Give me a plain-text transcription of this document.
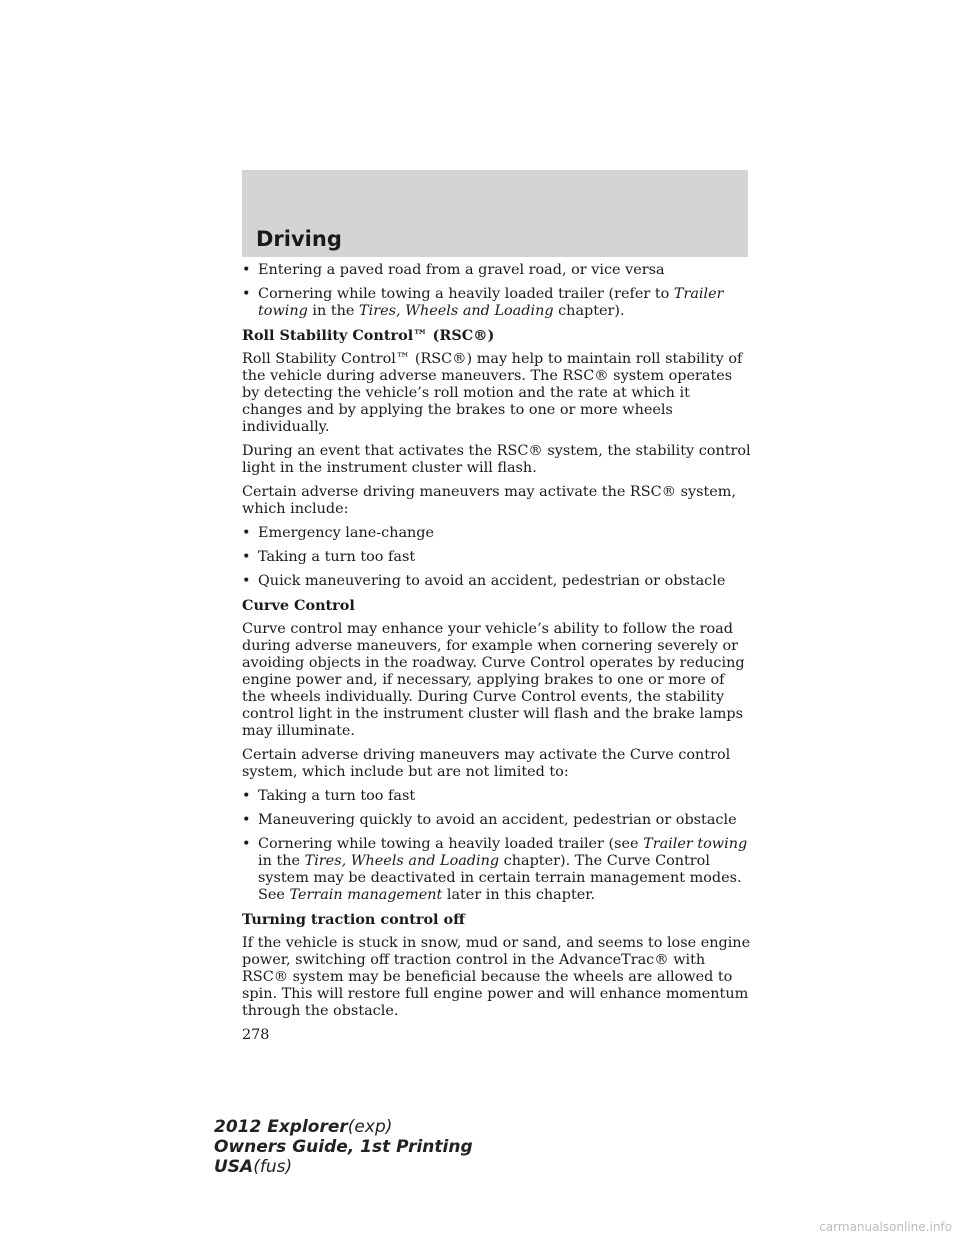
Driving
• Entering a paved road from a gravel road, or vice versa
• Cornering while towing a heavily loaded trailer (refer to Trailer towing in the Tires, Wheels and Loading chapter).
Roll Stability Control™ (RSC®)

Roll Stability Control™ (RSC®) may help to maintain roll stability of the vehicle during adverse maneuvers. The RSC® system operates by detecting the vehicle’s roll motion and the rate at which it changes and by applying the brakes to one or more wheels individually.

During an event that activates the RSC® system, the stability control light in the instrument cluster will flash.

Certain adverse driving maneuvers may activate the RSC® system, which include:

• Emergency lane-change
• Taking a turn too fast
• Quick maneuvering to avoid an accident, pedestrian or obstacle
Curve Control

Curve control may enhance your vehicle’s ability to follow the road during adverse maneuvers, for example when cornering severely or avoiding objects in the roadway. Curve Control operates by reducing engine power and, if necessary, applying brakes to one or more of the wheels individually. During Curve Control events, the stability control light in the instrument cluster will flash and the brake lamps may illuminate.

Certain adverse driving maneuvers may activate the Curve control system, which include but are not limited to:

• Taking a turn too fast
• Maneuvering quickly to avoid an accident, pedestrian or obstacle
• Cornering while towing a heavily loaded trailer (see Trailer towing in the Tires, Wheels and Loading chapter). The Curve Control system may be deactivated in certain terrain management modes. See Terrain management later in this chapter.
Turning traction control off

If the vehicle is stuck in snow, mud or sand, and seems to lose engine power, switching off traction control in the AdvanceTrac® with RSC® system may be beneficial because the wheels are allowed to spin. This will restore full engine power and will enhance momentum through the obstacle.

278
2012 Explorer(exp)
Owners Guide, 1st Printing
USA(fus)
carmanualsonline.info
